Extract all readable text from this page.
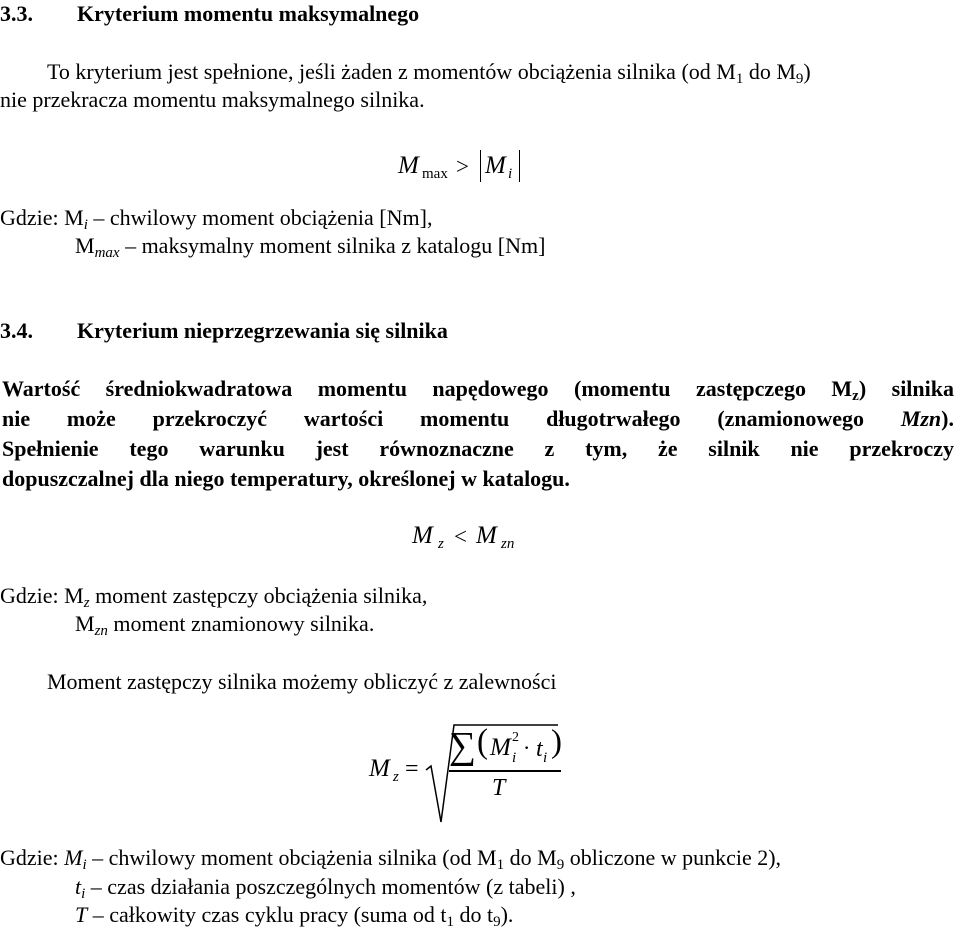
3.3. Kryterium momentu maksymalnego
To kryterium jest spełnione, jeśli żaden z momentów obciążenia silnika (od $M_1$ do $M_9$)
nie przekracza momentu maksymalnego silnika.
M max > M i
Gdzie: $M_i$ – chwilowy moment obciążenia [Nm],
$M_{max}$ – maksymalny moment silnika z katalogu [Nm]
3.4. Kryterium nieprzegrzewania się silnika
Wartość średniokwadratowa momentu napędowego (momentu zastępczego $M_z$) silnika
nie może przekroczyć wartości momentu długotrwałego (znamionowego Mzn).
Spełnienie tego warunku jest równoznaczne z tym, że silnik nie przekroczy
dopuszczalnej dla niego temperatury, określonej w katalogu.
M z < M zn
Gdzie: $M_z$ moment zastępczy obciążenia silnika,
$M_{zn}$ moment znamionowy silnika.
Moment zastępczy silnika możemy obliczyć z zalewności
M z =
∑ ( M 2
i · t i )
T
Gdzie: $M_i$ – chwilowy moment obciążenia silnika (od $M_1$ do $M_9$ obliczone w punkcie 2),
$t_i$ – czas działania poszczególnych momentów (z tabeli) ,
T – całkowity czas cyklu pracy (suma od $t_1$ do $t_9$).
